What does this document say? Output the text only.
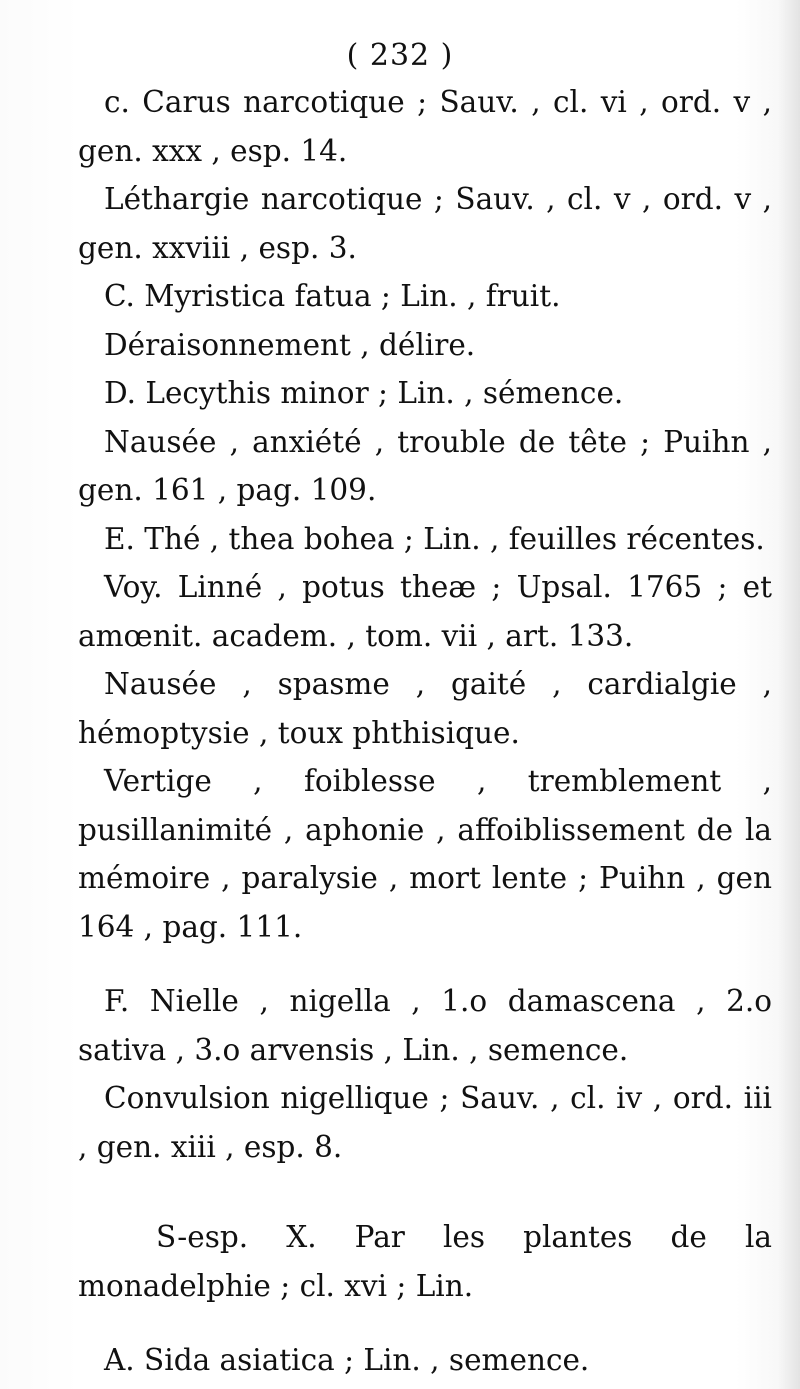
( 232 )

c. Carus narcotique ; Sauv. , cl. vi , ord. v , gen. xxx , esp. 14.

Léthargie narcotique ; Sauv. , cl. v , ord. v , gen. xxviii , esp. 3.

C. Myristica fatua ; Lin. , fruit.

Déraisonnement , délire.

D. Lecythis minor ; Lin. , sémence.

Nausée , anxiété , trouble de tête ; Puihn , gen. 161 , pag. 109.

E. Thé , thea bohea ; Lin. , feuilles récentes.

Voy. Linné , potus theæ ; Upsal. 1765 ; et amœnit. academ. , tom. vii , art. 133.

Nausée , spasme , gaité , cardialgie , hémoptysie , toux phthisique.

Vertige , foiblesse , tremblement , pusillanimité , aphonie , affoiblissement de la mémoire , paralysie , mort lente ; Puihn , gen 164 , pag. 111.

F. Nielle , nigella , 1.o damascena , 2.o sativa , 3.o arvensis , Lin. , semence.

Convulsion nigellique ; Sauv. , cl. iv , ord. iii , gen. xiii , esp. 8.

S-esp. X. Par les plantes de la monadelphie ; cl. xvi ; Lin.

A. Sida asiatica ; Lin. , semence.
